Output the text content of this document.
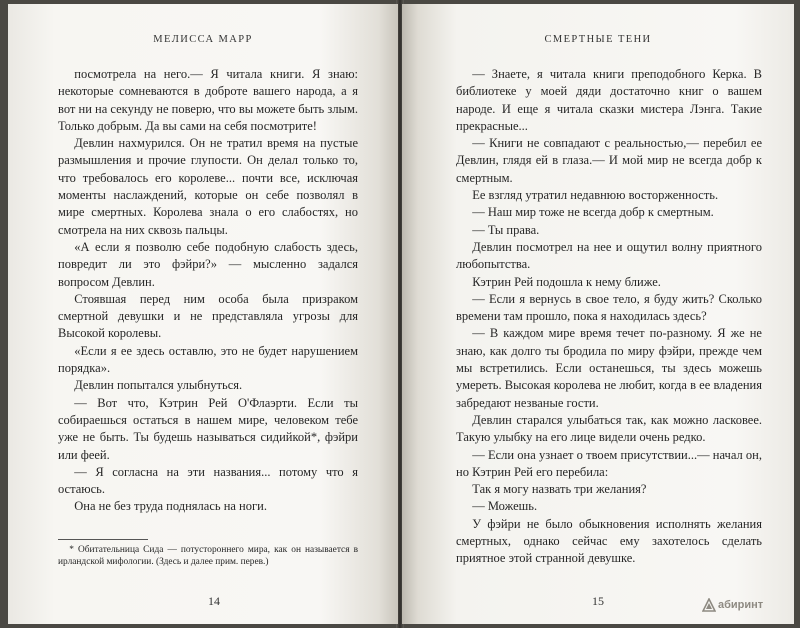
МЕЛИССА МАРР

посмотрела на него.— Я читала книги. Я знаю: некоторые сомневаются в доброте вашего народа, а я вот ни на секунду не поверю, что вы можете быть злым. Только добрым. Да вы сами на себя посмотрите!

Девлин нахмурился. Он не тратил время на пустые размышления и прочие глупости. Он делал только то, что требовалось его королеве... почти все, исключая моменты наслаждений, которые он себе позволял в мире смертных. Королева знала о его слабостях, но смотрела на них сквозь пальцы.

«А если я позволю себе подобную слабость здесь, повредит ли это фэйри?» — мысленно задался вопросом Девлин.

Стоявшая перед ним особа была призраком смертной девушки и не представляла угрозы для Высокой королевы.

«Если я ее здесь оставлю, это не будет нарушением порядка».

Девлин попытался улыбнуться.

— Вот что, Кэтрин Рей О'Флаэрти. Если ты собираешься остаться в нашем мире, человеком тебе уже не быть. Ты будешь называться сидийкой*, фэйри или феей.

— Я согласна на эти названия... потому что я остаюсь.

Она не без труда поднялась на ноги.

* Обитательница Сида — потустороннего мира, как он называется в ирландской мифологии. (Здесь и далее прим. перев.)
14
СМЕРТНЫЕ ТЕНИ

— Знаете, я читала книги преподобного Керка. В библиотеке у моей дяди достаточно книг о вашем народе. И еще я читала сказки мистера Лэнга. Такие прекрасные...

— Книги не совпадают с реальностью,— перебил ее Девлин, глядя ей в глаза.— И мой мир не всегда добр к смертным.

Ее взгляд утратил недавнюю восторженность.

— Наш мир тоже не всегда добр к смертным.

— Ты права.

Девлин посмотрел на нее и ощутил волну приятного любопытства.

Кэтрин Рей подошла к нему ближе.

— Если я вернусь в свое тело, я буду жить? Сколько времени там прошло, пока я находилась здесь?

— В каждом мире время течет по-разному. Я же не знаю, как долго ты бродила по миру фэйри, прежде чем мы встретились. Если останешься, ты здесь можешь умереть. Высокая королева не любит, когда в ее владения забредают незваные гости.

Девлин старался улыбаться так, как можно ласковее. Такую улыбку на его лице видели очень редко.

— Если она узнает о твоем присутствии...— начал он, но Кэтрин Рей его перебила:

Так я могу назвать три желания?

— Можешь.

У фэйри не было обыкновения исполнять желания смертных, однако сейчас ему захотелось сделать приятное этой странной девушке.

15	абиринт
